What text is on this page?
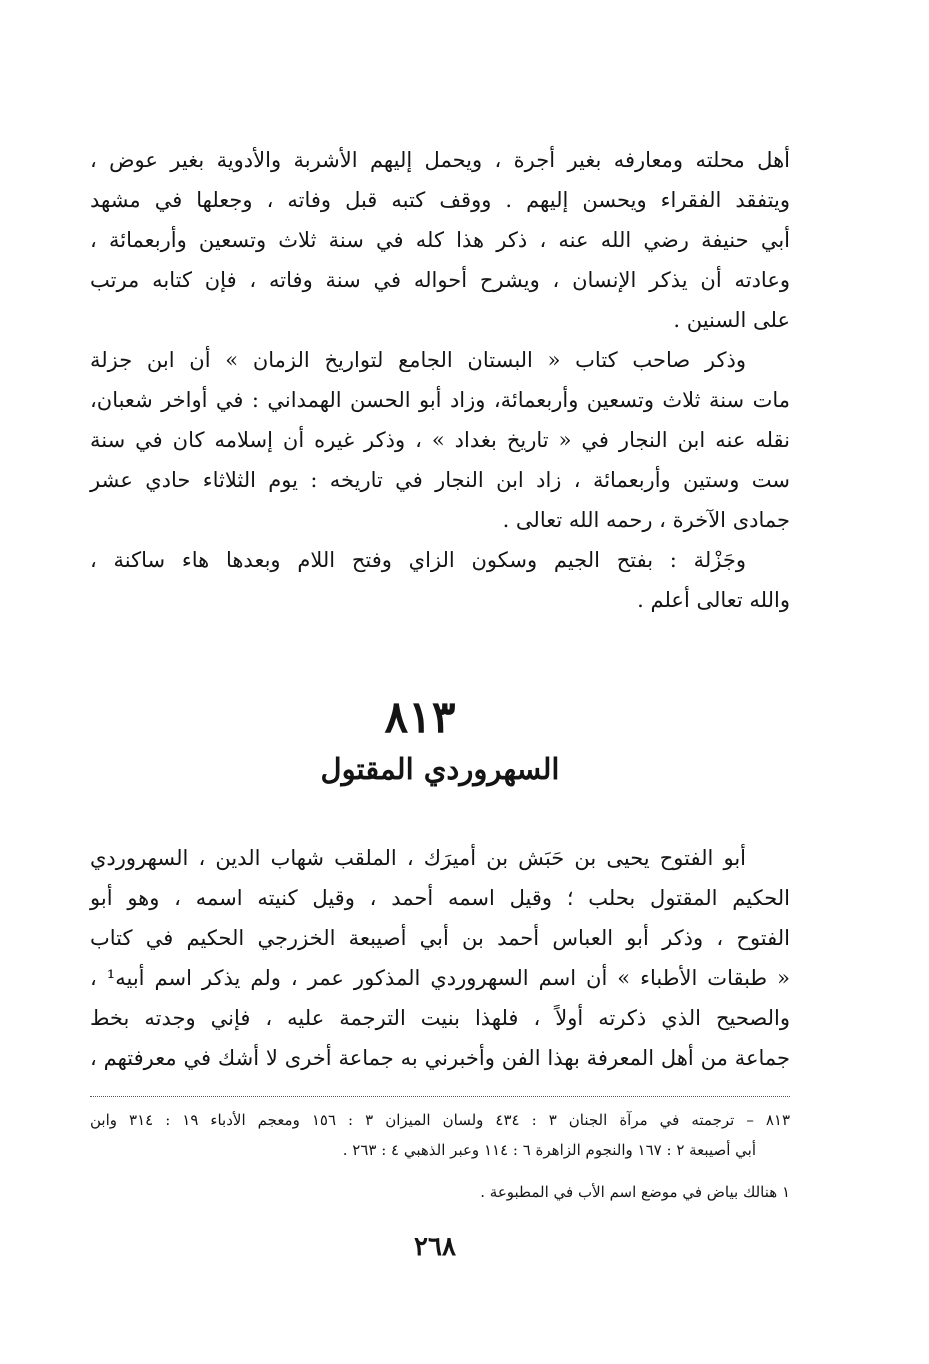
أهل محلته ومعارفه بغير أجرة ، ويحمل إليهم الأشربة والأدوية بغير عوض ،
ويتفقد الفقراء ويحسن إليهم . ووقف كتبه قبل وفاته ، وجعلها في مشهد
أبي حنيفة رضي الله عنه ، ذكر هذا كله في سنة ثلاث وتسعين وأربعمائة ،
وعادته أن يذكر الإنسان ، ويشرح أحواله في سنة وفاته ، فإن كتابه مرتب
على السنين .
وذكر صاحب كتاب « البستان الجامع لتواريخ الزمان » أن ابن جزلة
مات سنة ثلاث وتسعين وأربعمائة، وزاد أبو الحسن الهمداني : في أواخر شعبان،
نقله عنه ابن النجار في « تاريخ بغداد » ، وذكر غيره أن إسلامه كان في سنة
ست وستين وأربعمائة ، زاد ابن النجار في تاريخه : يوم الثلاثاء حادي عشر
جمادى الآخرة ، رحمه الله تعالى .
وجَزْلة : بفتح الجيم وسكون الزاي وفتح اللام وبعدها هاء ساكنة ،
والله تعالى أعلم .
٨١٣
السهروردي المقتول
أبو الفتوح يحيى بن حَبَش بن أميرَك ، الملقب شهاب الدين ، السهروردي
الحكيم المقتول بحلب ؛ وقيل اسمه أحمد ، وقيل كنيته اسمه ، وهو أبو
الفتوح ، وذكر أبو العباس أحمد بن أبي أصيبعة الخزرجي الحكيم في كتاب
« طبقات الأطباء » أن اسم السهروردي المذكور عمر ، ولم يذكر اسم أبيه¹ ،
والصحيح الذي ذكرته أولاً ، فلهذا بنيت الترجمة عليه ، فإني وجدته بخط
جماعة من أهل المعرفة بهذا الفن وأخبرني به جماعة أخرى لا أشك في معرفتهم ،
٨١٣ – ترجمته في مرآة الجنان ٣ : ٤٣٤ ولسان الميزان ٣ : ١٥٦ ومعجم الأدباء ١٩ : ٣١٤ وابن
أبي أصيبعة ٢ : ١٦٧ والنجوم الزاهرة ٦ : ١١٤ وعبر الذهبي ٤ : ٢٦٣ .
١ هنالك بياض في موضع اسم الأب في المطبوعة .
٢٦٨
